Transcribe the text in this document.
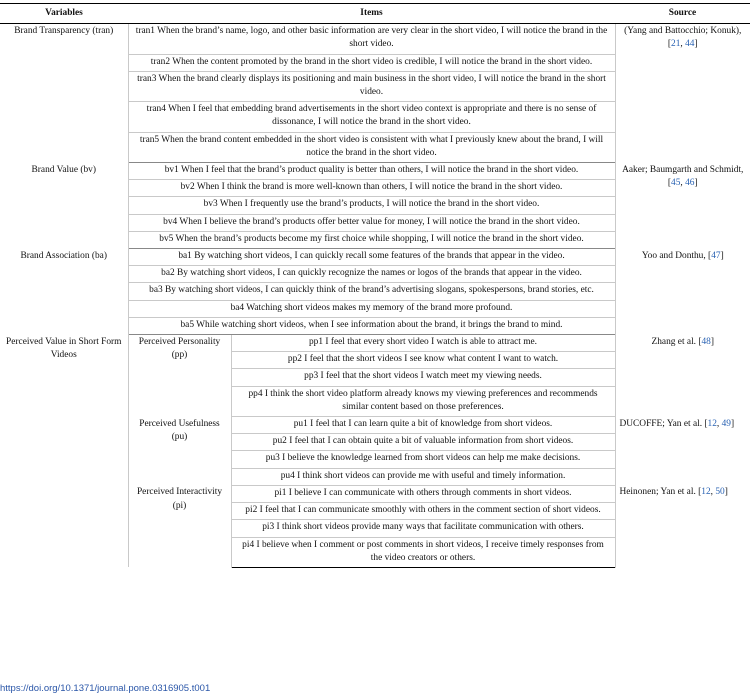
Variables	Items		Source
Brand Transparency (tran)	tran1 When the brand’s name, logo, and other basic information are very clear in the short video, I will notice the brand in the short video.		(Yang and Battocchio; Konuk), [21, 44]
	tran2 When the content promoted by the brand in the short video is credible, I will notice the brand in the short video.		
	tran3 When the brand clearly displays its positioning and main business in the short video, I will notice the brand in the short video.		
	tran4 When I feel that embedding brand advertisements in the short video context is appropriate and there is no sense of dissonance, I will notice the brand in the short video.		
	tran5 When the brand content embedded in the short video is consistent with what I previously knew about the brand, I will notice the brand in the short video.		
Brand Value (bv)	bv1 When I feel that the brand’s product quality is better than others, I will notice the brand in the short video.		Aaker; Baumgarth and Schmidt, [45, 46]
	bv2 When I think the brand is more well-known than others, I will notice the brand in the short video.		
	bv3 When I frequently use the brand’s products, I will notice the brand in the short video.		
	bv4 When I believe the brand’s products offer better value for money, I will notice the brand in the short video.		
	bv5 When the brand’s products become my first choice while shopping, I will notice the brand in the short video.		
Brand Association (ba)	ba1 By watching short videos, I can quickly recall some features of the brands that appear in the video.		Yoo and Donthu, [47]
	ba2 By watching short videos, I can quickly recognize the names or logos of the brands that appear in the video.		
	ba3 By watching short videos, I can quickly think of the brand’s advertising slogans, spokespersons, brand stories, etc.		
	ba4 Watching short videos makes my memory of the brand more profound.		
	ba5 While watching short videos, when I see information about the brand, it brings the brand to mind.		
Perceived Value in Short Form Videos	Perceived Personality (pp)	pp1 I feel that every short video I watch is able to attract me.	Zhang et al. [48]
		pp2 I feel that the short videos I see know what content I want to watch.	
		pp3 I feel that the short videos I watch meet my viewing needs.	
		pp4 I think the short video platform already knows my viewing preferences and recommends similar content based on those preferences.	
	Perceived Usefulness (pu)	pu1 I feel that I can learn quite a bit of knowledge from short videos.	DUCOFFE; Yan et al. [12, 49]
		pu2 I feel that I can obtain quite a bit of valuable information from short videos.	
		pu3 I believe the knowledge learned from short videos can help me make decisions.	
		pu4 I think short videos can provide me with useful and timely information.	
	Perceived Interactivity (pi)	pi1 I believe I can communicate with others through comments in short videos.	Heinonen; Yan et al. [12, 50]
		pi2 I feel that I can communicate smoothly with others in the comment section of short videos.	
		pi3 I think short videos provide many ways that facilitate communication with others.	
		pi4 I believe when I comment or post comments in short videos, I receive timely responses from the video creators or others.	
https://doi.org/10.1371/journal.pone.0316905.t001
